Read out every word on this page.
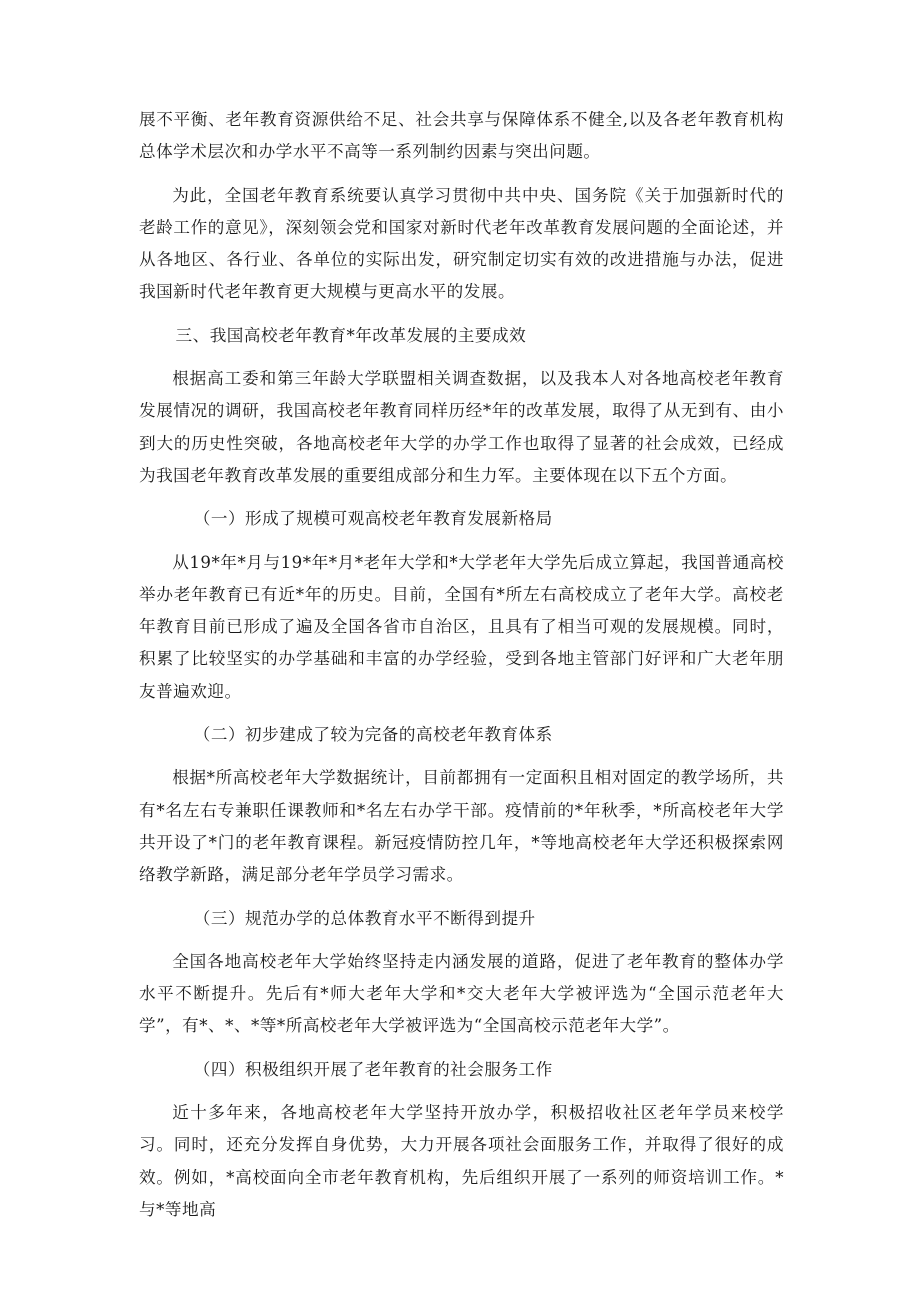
展不平衡、老年教育资源供给不足、社会共享与保障体系不健全,以及各老年教育机构总体学术层次和办学水平不高等一系列制约因素与突出问题。

为此，全国老年教育系统要认真学习贯彻中共中央、国务院《关于加强新时代的老龄工作的意见》，深刻领会党和国家对新时代老年改革教育发展问题的全面论述，并从各地区、各行业、各单位的实际出发，研究制定切实有效的改进措施与办法，促进我国新时代老年教育更大规模与更高水平的发展。

三、我国高校老年教育*年改革发展的主要成效

根据高工委和第三年龄大学联盟相关调查数据，以及我本人对各地高校老年教育发展情况的调研，我国高校老年教育同样历经*年的改革发展，取得了从无到有、由小到大的历史性突破，各地高校老年大学的办学工作也取得了显著的社会成效，已经成为我国老年教育改革发展的重要组成部分和生力军。主要体现在以下五个方面。

（一）形成了规模可观高校老年教育发展新格局

从19*年*月与19*年*月*老年大学和*大学老年大学先后成立算起，我国普通高校举办老年教育已有近*年的历史。目前，全国有*所左右高校成立了老年大学。高校老年教育目前已形成了遍及全国各省市自治区，且具有了相当可观的发展规模。同时，积累了比较坚实的办学基础和丰富的办学经验，受到各地主管部门好评和广大老年朋友普遍欢迎。

（二）初步建成了较为完备的高校老年教育体系

根据*所高校老年大学数据统计，目前都拥有一定面积且相对固定的教学场所，共有*名左右专兼职任课教师和*名左右办学干部。疫情前的*年秋季，*所高校老年大学共开设了*门的老年教育课程。新冠疫情防控几年，*等地高校老年大学还积极探索网络教学新路，满足部分老年学员学习需求。

（三）规范办学的总体教育水平不断得到提升

全国各地高校老年大学始终坚持走内涵发展的道路，促进了老年教育的整体办学水平不断提升。先后有*师大老年大学和*交大老年大学被评选为“全国示范老年大学”，有*、*、*等*所高校老年大学被评选为“全国高校示范老年大学”。

（四）积极组织开展了老年教育的社会服务工作

近十多年来，各地高校老年大学坚持开放办学，积极招收社区老年学员来校学习。同时，还充分发挥自身优势，大力开展各项社会面服务工作，并取得了很好的成效。例如，*高校面向全市老年教育机构，先后组织开展了一系列的师资培训工作。*与*等地高
